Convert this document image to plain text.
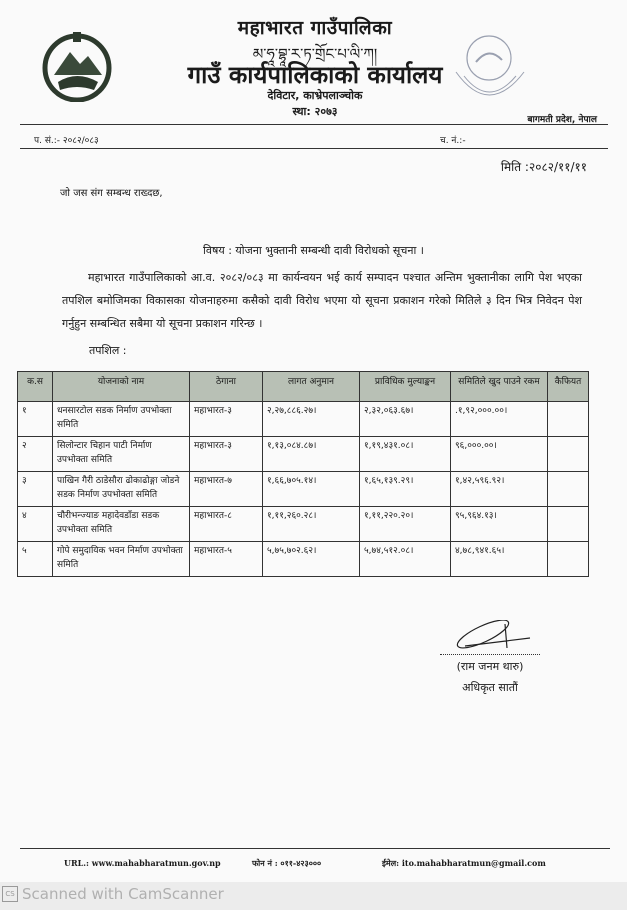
महाभारत गाउँपालिका
མ་ཧཱ་བྷཱ་ར་ཏ་གྲོང་པ་ལི་ཀ།
गाउँ कार्यपालिकाको कार्यालय
देविटार, काभ्रेपलाञ्चोक
स्था: २०७३
बागमती प्रदेश, नेपाल
प. सं.:- २०८२/०८३	च. नं.:-
मिति :२०८२/११/११
जो जस संग सम्बन्ध राख्दछ,
विषय : योजना भुक्तानी सम्बन्धी दावी विरोधको सूचना ।
महाभारत गाउँपालिकाको आ.व. २०८२/०८३ मा कार्यन्वयन भई कार्य सम्पादन पश्चात अन्तिम भुक्तानीका लागि पेश भएका तपशिल बमोजिमका विकासका योजनाहरुमा कसैको दावी विरोध भएमा यो सूचना प्रकाशन गरेको मितिले ३ दिन भित्र निवेदन पेश गर्नुहुन सम्बन्धित सबैमा यो सूचना प्रकाशन गरिन्छ ।
तपशिल :
क.स	योजनाको नाम	ठेगाना	लागत अनुमान	प्राविधिक मुल्याङ्कन	समितिले खुद पाउने रकम	कैफियत
१	धनसारटोल सडक निर्माण उपभोक्ता समिति	महाभारत-३	२,२७,८८६.२७।	२,३२,०६३.६७।	.१,९२,०००.००।	
२	सिलोन्टार चिहान पाटी निर्माण उपभोक्ता समिति	महाभारत-३	१,१३,०८४.८७।	१,१९,४३१.०८।	९६,०००.००।	
३	पाखिन गैरी ठाडेसौरा ढोकाढोङ्गा जोडने सडक निर्माण उपभोक्ता समिति	महाभारत-७	१,६६,७०५.१४।	१,६५,१३९.२९।	१,४२,५९६.९२।	
४	चौरीभन्ज्याङ महादेवडाँडा सडक उपभोक्ता समिति	महाभारत-८	१,११,२६०.२८।	१,११,२२०.२०।	९५,९६४.१३।	
५	गोपे समुदायिक भवन निर्माण उपभोक्ता समिति	महाभारत-५	५,७५,७०२.६२।	५,७४,५१२.०८।	४,७८,९४१.६५।	
(राम जनम थारु)
अधिकृत सातौं
URL.: www.mahabharatmun.gov.np	फोन नं : ०११-४२३०००	ईमेल: ito.mahabharatmun@gmail.com
CS Scanned with CamScanner
